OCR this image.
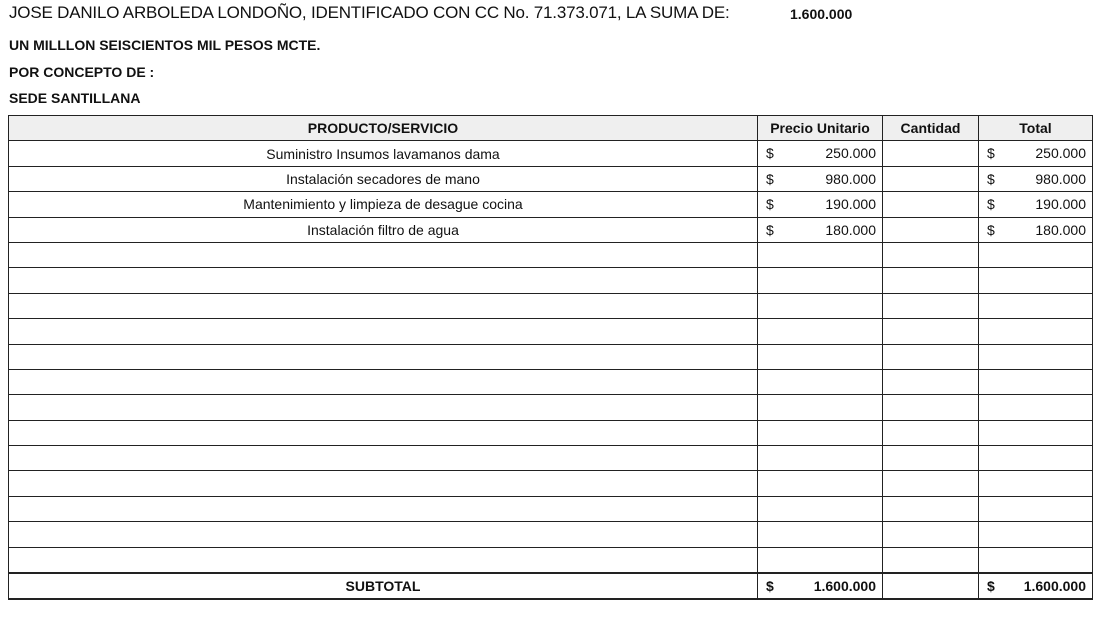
JOSE DANILO ARBOLEDA LONDOÑO, IDENTIFICADO CON CC No. 71.373.071, LA SUMA DE:	1.600.000
UN MILLLON SEISCIENTOS MIL PESOS MCTE.
POR CONCEPTO DE :
SEDE SANTILLANA
PRODUCTO/SERVICIO	Precio Unitario	Cantidad	Total
Suministro Insumos lavamanos dama	$ 250.000		$ 250.000

Instalación secadores de mano	$ 980.000		$ 980.000

Mantenimiento y limpieza de desague cocina	$ 190.000		$ 190.000

Instalación filtro de agua	$ 180.000		$ 180.000

SUBTOTAL	$ 1.600.000		$ 1.600.000
